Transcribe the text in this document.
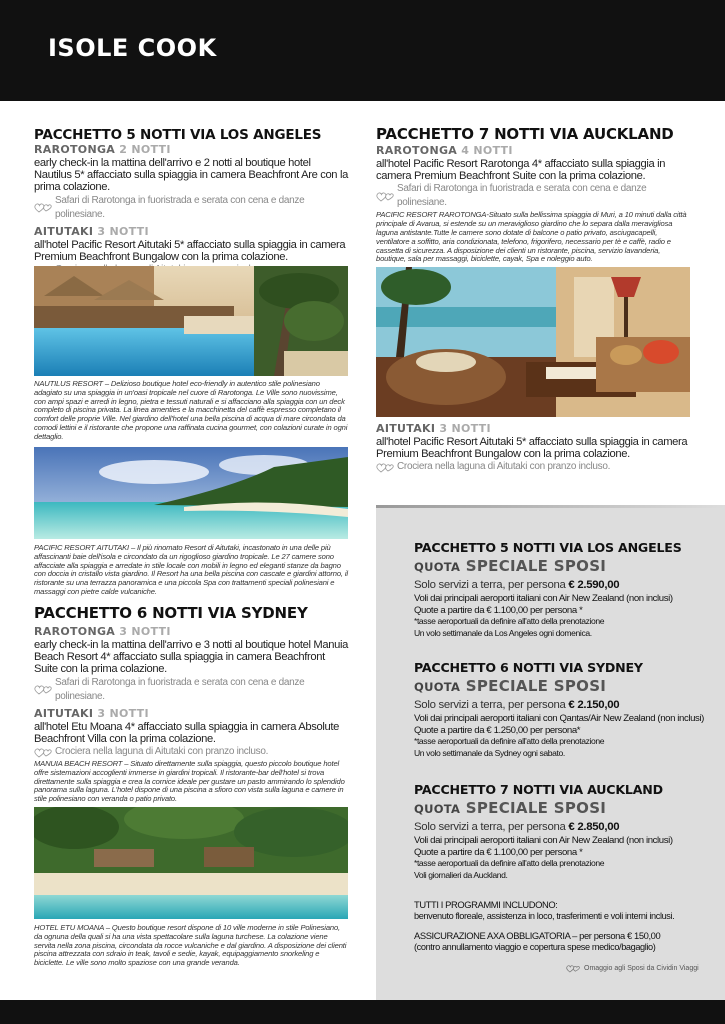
ISOLE COOK
PACCHETTO 5 NOTTI VIA LOS ANGELES
RAROTONGA 2 NOTTI
early check-in la mattina dell'arrivo e 2 notti al boutique hotel Nautilus 5* affacciato sulla spiaggia in camera Beachfront Are con la prima colazione.
Safari di Rarotonga in fuoristrada e serata con cena e danze polinesiane.
AITUTAKI 3 NOTTI
all'hotel Pacific Resort Aitutaki 5* affacciato sulla spiaggia in camera Premium Beachfront Bungalow con la prima colazione.
NAUTILUS RESORT – Delizioso boutique hotel eco-friendly in autentico stile polinesiano adagiato su una spiaggia in un'oasi tropicale nel cuore di Rarotonga. Le Ville sono nuovissime, con ampi spazi e arredi in legno, pietra e tessuti naturali e si affacciano alla spiaggia con un deck completo di piscina privata. La linea amenties e la macchinetta del caffè espresso completano il comfort delle proprie Ville. Nel giardino dell'hotel una bella piscina di acqua di mare circondata da comodi lettini e il ristorante che propone una raffinata cucina gourmet, con colazioni curate in ogni dettaglio.
PACIFIC RESORT AITUTAKI – Il più rinomato Resort di Aitutaki, incastonato in una delle più affascinanti baie dell'isola e circondato da un rigoglioso giardino tropicale. Le 27 camere sono affacciate alla spiaggia e arredate in stile locale con mobili in legno ed eleganti stanze da bagno con doccia in cristallo vista giardino. Il Resort ha una bella piscina con cascate e giardini attorno, il ristorante su una terrazza panoramica e una piccola Spa con trattamenti speciali polinesiani e massaggi con pietre calde vulcaniche.
PACCHETTO 6 NOTTI VIA SYDNEY
RAROTONGA 3 NOTTI
early check-in la mattina dell'arrivo e 3 notti al boutique hotel Manuia Beach Resort 4* affacciato sulla spiaggia in camera Beachfront Suite con la prima colazione.
Safari di Rarotonga in fuoristrada e serata con cena e danze polinesiane.
AITUTAKI 3 NOTTI
all'hotel Etu Moana 4* affacciato sulla spiaggia in camera Absolute Beachfront Villa con la prima colazione.
Crociera nella laguna di Aitutaki con pranzo incluso.
MANUIA BEACH RESORT – Situato direttamente sulla spiaggia, questo piccolo boutique hotel offre sistemazioni accoglienti immerse in giardini tropicali. Il ristorante-bar dell'hotel si trova direttamente sulla spiaggia e crea la cornice ideale per gustare un pasto ammirando lo splendido panorama sulla laguna. L'hotel dispone di una piscina a sfioro con vista sulla laguna e camere in stile polinesiano con veranda o patio privato.
HOTEL ETU MOANA – Questo boutique resort dispone di 10 ville moderne in stile Polinesiano, da ognuna della quali si ha una vista spettacolare sulla laguna turchese. La colazione viene servita nella zona piscina, circondata da rocce vulcaniche e dal giardino. A disposizione dei clienti piscina attrezzata con sdraio in teak, tavoli e sedie, kayak, equipaggiamento snorkeling e biciclette. Le ville sono molto spaziose con una grande veranda.
PACCHETTO 7 NOTTI VIA AUCKLAND
RAROTONGA 4 NOTTI
all'hotel Pacific Resort Rarotonga 4* affacciato sulla spiaggia in camera Premium Beachfront Suite con la prima colazione.
Safari di Rarotonga in fuoristrada e serata con cena e danze polinesiane.
PACIFIC RESORT RAROTONGA-Situato sulla bellissima spiaggia di Muri, a 10 minuti dalla città principale di Avarua, si estende su un meraviglioso giardino che lo separa dalla meravigliosa laguna antistante.Tutte le camere sono dotate di balcone o patio privato, asciugacapelli, ventilatore a soffitto, aria condizionata, telefono, frigorifero, necessario per tè e caffè, radio e cassetta di sicurezza. A disposizione dei clienti un ristorante, piscina, servizio lavanderia, boutique, sala per massaggi, biciclette, cayak, Spa e noleggio auto.
AITUTAKI 3 NOTTI
all'hotel Pacific Resort Aitutaki 5* affacciato sulla spiaggia in camera Premium Beachfront Bungalow con la prima colazione.
Crociera nella laguna di Aitutaki con pranzo incluso.
PACCHETTO 5 NOTTI VIA LOS ANGELES
QUOTA SPECIALE SPOSI
Solo servizi a terra, per persona € 2.590,00
Voli dai principali aeroporti italiani con Air New Zealand (non inclusi)
Quote a partire da € 1.100,00 per persona *
*tasse aeroportuali da definire all'atto della prenotazione
Un volo settimanale da Los Angeles ogni domenica.
PACCHETTO 6 NOTTI VIA SYDNEY
QUOTA SPECIALE SPOSI
Solo servizi a terra, per persona € 2.150,00
Voli dai principali aeroporti italiani con Qantas/Air New Zealand (non inclusi)
Quote a partire da € 1.250,00 per persona*
*tasse aeroportuali da definire all'atto della prenotazione
Un volo settimanale da Sydney ogni sabato.
PACCHETTO 7 NOTTI VIA AUCKLAND
QUOTA SPECIALE SPOSI
Solo servizi a terra, per persona € 2.850,00
Voli dai principali aeroporti italiani con Air New Zealand (non inclusi)
Quote a partire da € 1.100,00 per persona *
*tasse aeroportuali da definire all'atto della prenotazione
Voli giornalieri da Auckland.
TUTTI I PROGRAMMI INCLUDONO:
benvenuto floreale, assistenza in loco, trasferimenti e voli interni inclusi.
ASSICURAZIONE AXA OBBLIGATORIA – per persona € 150,00
(contro annullamento viaggio e copertura spese medico/bagaglio)
Omaggio agli Sposi da Cividin Viaggi
